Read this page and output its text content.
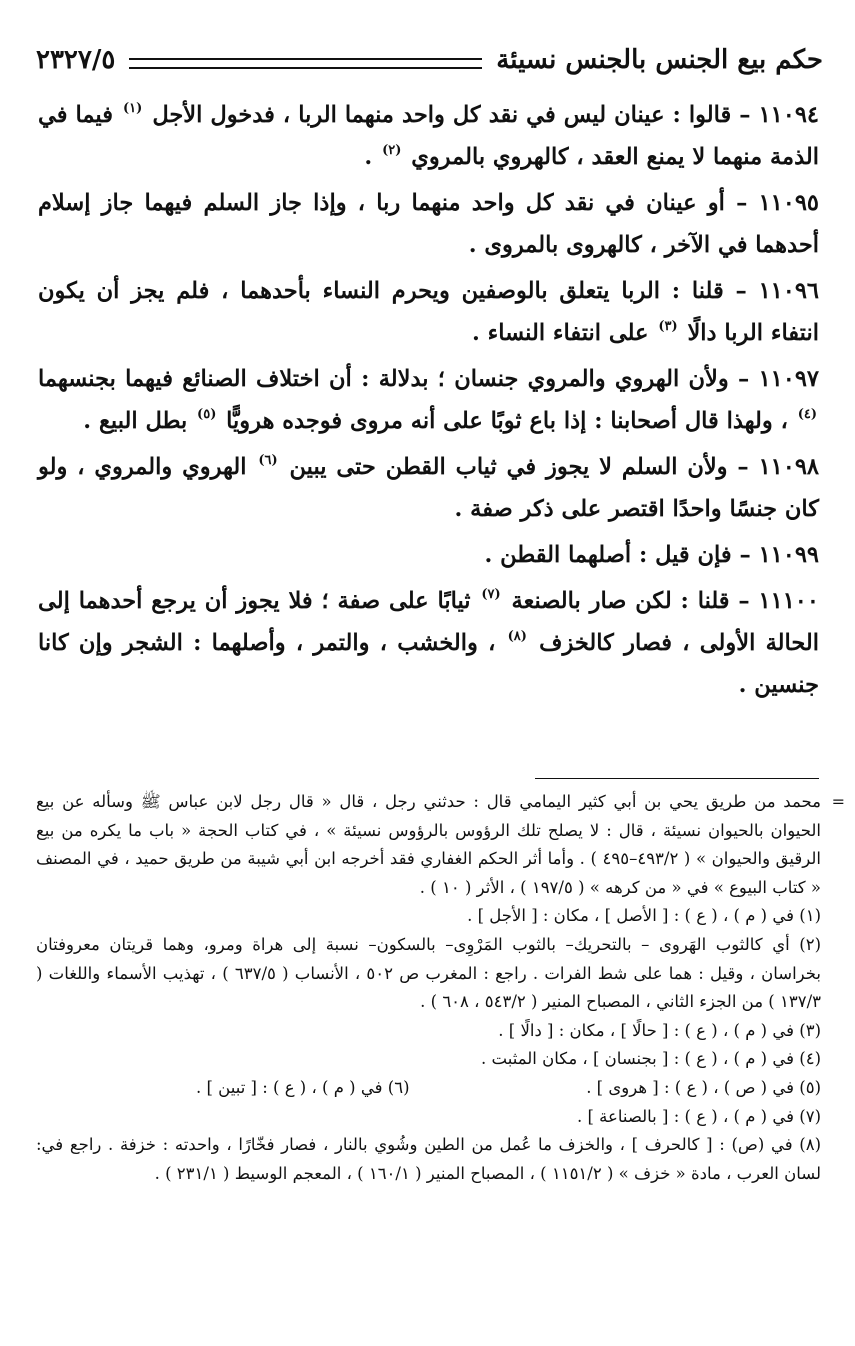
حكم بيع الجنس بالجنس نسيئة
٢٣٢٧/٥

١١٠٩٤ – قالوا : عينان ليس في نقد كل واحد منهما الربا ، فدخول الأجل $^{(١)}$ فيما في الذمة منهما لا يمنع العقد ، كالهروي بالمروي $^{(٢)}$ .

١١٠٩٥ – أو عينان في نقد كل واحد منهما ربا ، وإذا جاز السلم فيهما جاز إسلام أحدهما في الآخر ، كالهروى بالمروى .

١١٠٩٦ – قلنا : الربا يتعلق بالوصفين ويحرم النساء بأحدهما ، فلم يجز أن يكون انتفاء الربا دالًا $^{(٣)}$ على انتفاء النساء .

١١٠٩٧ – ولأن الهروي والمروي جنسان ؛ بدلالة : أن اختلاف الصنائع فيهما بجنسهما $^{(٤)}$ ، ولهذا قال أصحابنا : إذا باع ثوبًا على أنه مروى فوجده هرويًّا $^{(٥)}$ بطل البيع .

١١٠٩٨ – ولأن السلم لا يجوز في ثياب القطن حتى يبين $^{(٦)}$ الهروي والمروي ، ولو كان جنسًا واحدًا اقتصر على ذكر صفة .

١١٠٩٩ – فإن قيل : أصلهما القطن .

١١١٠٠ – قلنا : لكن صار بالصنعة $^{(٧)}$ ثيابًا على صفة ؛ فلا يجوز أن يرجع أحدهما إلى الحالة الأولى ، فصار كالخزف $^{(٨)}$ ، والخشب ، والتمر ، وأصلهما : الشجر وإن كانا جنسين .

=
محمد من طريق يحي بن أبي كثير اليمامي قال : حدثني رجل ، قال « قال رجل لابن عباس ﷺ وسأله عن بيع الحيوان بالحيوان نسيئة ، قال : لا يصلح تلك الرؤوس بالرؤوس نسيئة » ، في كتاب الحجة « باب ما يكره من بيع الرقيق والحيوان » ( ٤٩٣/٢–٤٩٥ ) . وأما أثر الحكم الغفاري فقد أخرجه ابن أبي شيبة من طريق حميد ، في المصنف « كتاب البيوع » في « من كرهه » ( ١٩٧/٥ ) ، الأثر ( ١٠ ) .

(١) في ( م ) ، ( ع ) : [ الأصل ] ، مكان : [ الأجل ] .

(٢) أي كالثوب الهَروى – بالتحريك– بالثوب المَرْوِى– بالسكون– نسبة إلى هراة ومرو، وهما قريتان معروفتان بخراسان ، وقيل : هما على شط الفرات . راجع : المغرب ص ٥٠٢ ، الأنساب ( ٦٣٧/٥ ) ، تهذيب الأسماء واللغات ( ١٣٧/٣ ) من الجزء الثاني ، المصباح المنير ( ٥٤٣/٢ ، ٦٠٨ ) .

(٣) في ( م ) ، ( ع ) : [ حالًا ] ، مكان : [ دالًا ] .

(٤) في ( م ) ، ( ع ) : [ بجنسان ] ، مكان المثبت .

(٥) في ( ص ) ، ( ع ) : [ هروى ] .

(٦) في ( م ) ، ( ع ) : [ تبين ] .

(٧) في ( م ) ، ( ع ) : [ بالصناعة ] .

(٨) في (ص) : [ كالحرف ] ، والخزف ما عُمل من الطين وشُوي بالنار ، فصار فخّارًا ، واحدته : خزفة . راجع في: لسان العرب ، مادة « خزف » ( ١١٥١/٢ ) ، المصباح المنير ( ١٦٠/١ ) ، المعجم الوسيط ( ٢٣١/١ ) .
